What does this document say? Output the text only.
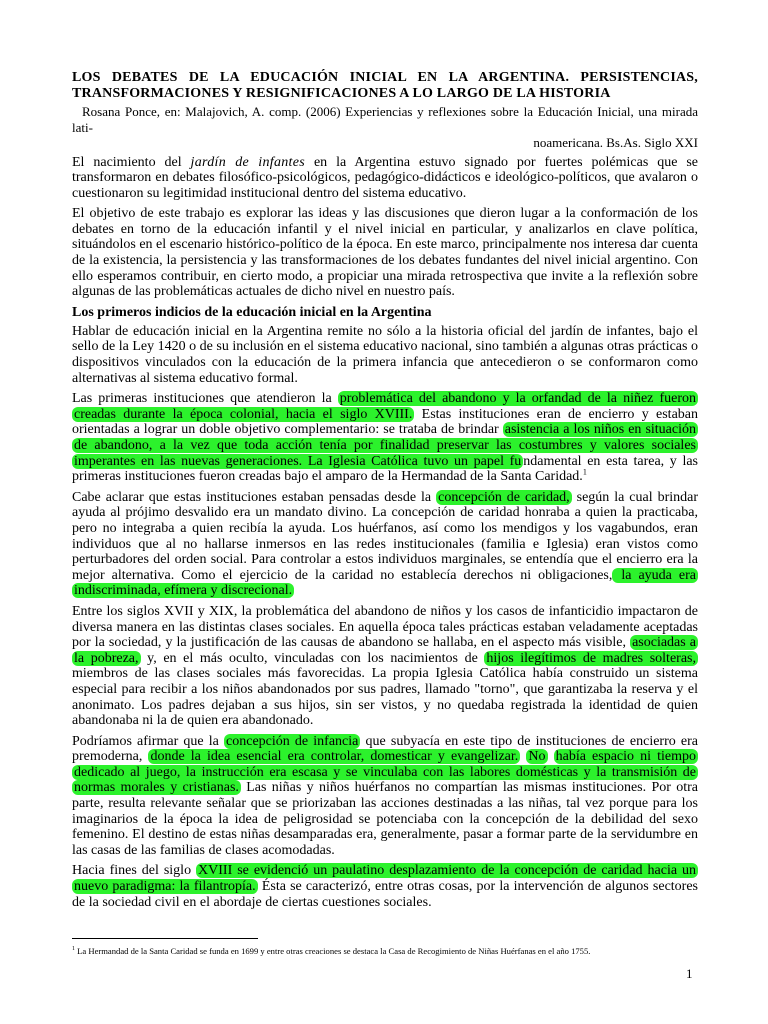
LOS DEBATES DE LA EDUCACIÓN INICIAL EN LA ARGENTINA. PERSISTENCIAS, TRANSFORMACIONES Y RESIGNIFICACIONES A LO LARGO DE LA HISTORIA

Rosana Ponce, en: Malajovich, A. comp. (2006) Experiencias y reflexiones sobre la Educación Inicial, una mirada lati-
noamericana. Bs.As. Siglo XXI

El nacimiento del jardín de infantes en la Argentina estuvo signado por fuertes polémicas que se transformaron en debates filosófico-psicológicos, pedagógico-didácticos e ideológico-políticos, que avalaron o cuestionaron su legitimidad institucional dentro del sistema educativo.

El objetivo de este trabajo es explorar las ideas y las discusiones que dieron lugar a la conformación de los debates en torno de la educación infantil y el nivel inicial en particular, y analizarlos en clave política, situándolos en el escenario histórico-político de la época. En este marco, principalmente nos interesa dar cuenta de la existencia, la persistencia y las transformaciones de los debates fundantes del nivel inicial argentino. Con ello esperamos contribuir, en cierto modo, a propiciar una mirada retrospectiva que invite a la reflexión sobre algunas de las problemáticas actuales de dicho nivel en nuestro país.

Los primeros indicios de la educación inicial en la Argentina

Hablar de educación inicial en la Argentina remite no sólo a la historia oficial del jardín de infantes, bajo el sello de la Ley 1420 o de su inclusión en el sistema educativo nacional, sino también a algunas otras prácticas o dispositivos vinculados con la educación de la primera infancia que antecedieron o se conformaron como alternativas al sistema educativo formal.

Las primeras instituciones que atendieron la problemática del abandono y la orfandad de la niñez fueron creadas durante la época colonial, hacia el siglo XVIII. Estas instituciones eran de encierro y estaban orientadas a lograr un doble objetivo complementario: se trataba de brindar asistencia a los niños en situación de abandono, a la vez que toda acción tenía por finalidad preservar las costumbres y valores sociales imperantes en las nuevas generaciones. La Iglesia Católica tuvo un papel fu ndamental en esta tarea, y las primeras instituciones fueron creadas bajo el amparo de la Hermandad de la Santa Caridad.$^1$

Cabe aclarar que estas instituciones estaban pensadas desde la concepción de caridad, según la cual brindar ayuda al prójimo desvalido era un mandato divino. La concepción de caridad honraba a quien la practicaba, pero no integraba a quien recibía la ayuda. Los huérfanos, así como los mendigos y los vagabundos, eran individuos que al no hallarse inmersos en las redes institucionales (familia e Iglesia) eran vistos como perturbadores del orden social. Para controlar a estos individuos marginales, se entendía que el encierro era la mejor alternativa. Como el ejercicio de la caridad no establecía derechos ni obligaciones, la ayuda era indiscriminada, efímera y discrecional.

Entre los siglos XVII y XIX, la problemática del abandono de niños y los casos de infanticidio impactaron de diversa manera en las distintas clases sociales. En aquella época tales prácticas estaban veladamente aceptadas por la sociedad, y la justificación de las causas de abandono se hallaba, en el aspecto más visible, asociadas a la pobreza, y, en el más oculto, vinculadas con los nacimientos de hijos ilegítimos de madres solteras, miembros de las clases sociales más favorecidas. La propia Iglesia Católica había construido un sistema especial para recibir a los niños abandonados por sus padres, llamado "torno", que garantizaba la reserva y el anonimato. Los padres dejaban a sus hijos, sin ser vistos, y no quedaba registrada la identidad de quien abandonaba ni la de quien era abandonado.

Podríamos afirmar que la concepción de infancia que subyacía en este tipo de instituciones de encierro era premoderna, donde la idea esencial era controlar, domesticar y evangelizar. No había espacio ni tiempo dedicado al juego, la instrucción era escasa y se vinculaba con las labores domésticas y la transmisión de normas morales y cristianas. Las niñas y niños huérfanos no compartían las mismas instituciones. Por otra parte, resulta relevante señalar que se priorizaban las acciones destinadas a las niñas, tal vez porque para los imaginarios de la época la idea de peligrosidad se potenciaba con la concepción de la debilidad del sexo femenino. El destino de estas niñas desamparadas era, generalmente, pasar a formar parte de la servidumbre en las casas de las familias de clases acomodadas.

Hacia fines del siglo XVIII se evidenció un paulatino desplazamiento de la concepción de caridad hacia un nuevo paradigma: la filantropía. Ésta se caracterizó, entre otras cosas, por la intervención de algunos sectores de la sociedad civil en el abordaje de ciertas cuestiones sociales.

$^1$ La Hermandad de la Santa Caridad se funda en 1699 y entre otras creaciones se destaca la Casa de Recogimiento de Niñas Huérfanas en el año 1755.
1
